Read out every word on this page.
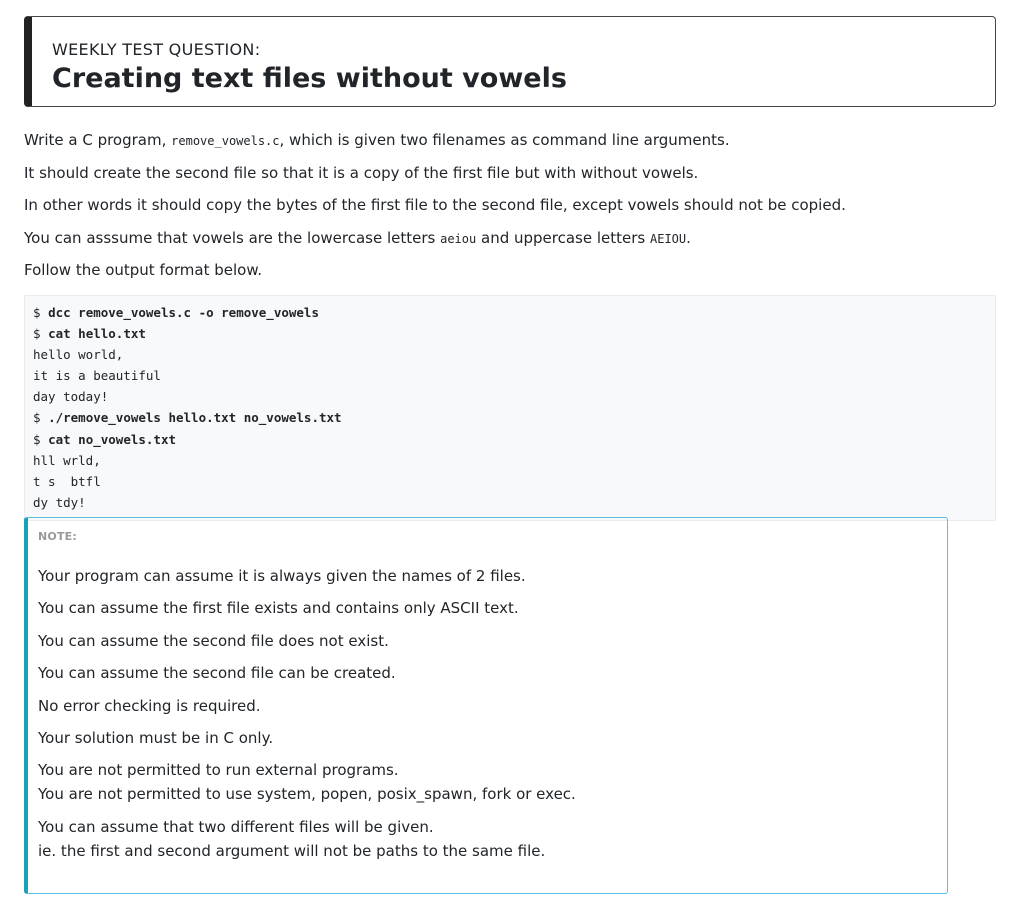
WEEKLY TEST QUESTION:
Creating text files without vowels

Write a C program, remove_vowels.c, which is given two filenames as command line arguments.

It should create the second file so that it is a copy of the first file but with without vowels.

In other words it should copy the bytes of the first file to the second file, except vowels should not be copied.

You can asssume that vowels are the lowercase letters aeiou and uppercase letters AEIOU.

Follow the output format below.

$ dcc remove_vowels.c -o remove_vowels
$ cat hello.txt
hello world,
it is a beautiful
day today!
$ ./remove_vowels hello.txt no_vowels.txt
$ cat no_vowels.txt
hll wrld,
t s  btfl
dy tdy!
NOTE:

Your program can assume it is always given the names of 2 files.

You can assume the first file exists and contains only ASCII text.

You can assume the second file does not exist.

You can assume the second file can be created.

No error checking is required.

Your solution must be in C only.

You are not permitted to run external programs.
You are not permitted to use system, popen, posix_spawn, fork or exec.

You can assume that two different files will be given.
ie. the first and second argument will not be paths to the same file.
